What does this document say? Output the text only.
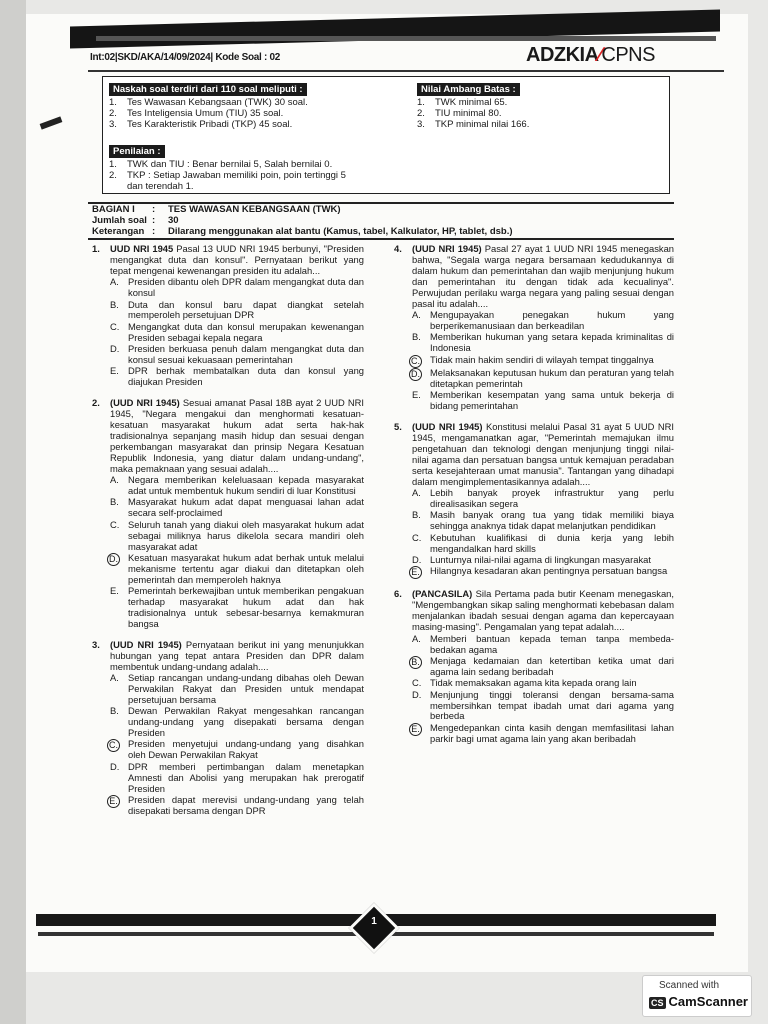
Int:02|SKD/AKA/14/09/2024| Kode Soal : 02	ADZKIA∕CPNS
Naskah soal terdiri dari 110 soal meliputi :
1.	Tes Wawasan Kebangsaan (TWK) 30 soal.
2.	Tes Inteligensia Umum (TIU) 35 soal.
3.	Tes Karakteristik Pribadi (TKP) 45 soal.
Nilai Ambang Batas :
1.	TWK minimal 65.
2.	TIU minimal 80.
3.	TKP minimal nilai 166.
Penilaian :
1.	TWK dan TIU : Benar bernilai 5, Salah bernilai 0.
2.	TKP : Setiap Jawaban memiliki poin, poin tertinggi 5 dan terendah 1.
BAGIAN I	:	TES WAWASAN KEBANGSAAN (TWK)
Jumlah soal :	30
Keterangan :	Dilarang menggunakan alat bantu (Kamus, tabel, Kalkulator, HP, tablet, dsb.)
1.	UUD NRI 1945 Pasal 13 UUD NRI 1945 berbunyi, "Presiden mengangkat duta dan konsul". Pernyataan berikut yang tepat mengenai kewenangan presiden itu adalah...
A. Presiden dibantu oleh DPR dalam mengangkat duta dan konsul
B. Duta dan konsul baru dapat diangkat setelah memperoleh persetujuan DPR
C. Mengangkat duta dan konsul merupakan kewenangan Presiden sebagai kepala negara
D. Presiden berkuasa penuh dalam mengangkat duta dan konsul sesuai kekuasaan pemerintahan
E. DPR berhak membatalkan duta dan konsul yang diajukan Presiden
2.	(UUD NRI 1945) Sesuai amanat Pasal 18B ayat 2 UUD NRI 1945, "Negara mengakui dan menghormati kesatuan-kesatuan masyarakat hukum adat serta hak-hak tradisionalnya sepanjang masih hidup dan sesuai dengan perkembangan masyarakat dan prinsip Negara Kesatuan Republik Indonesia, yang diatur dalam undang-undang", maka pemaknaan yang sesuai adalah....
A. Negara memberikan keleluasaan kepada masyarakat adat untuk membentuk hukum sendiri di luar Konstitusi
B. Masyarakat hukum adat dapat menguasai lahan adat secara self-proclaimed
C. Seluruh tanah yang diakui oleh masyarakat hukum adat sebagai miliknya harus dikelola secara mandiri oleh masyarakat adat
D.	Kesatuan masyarakat hukum adat berhak untuk melalui mekanisme tertentu agar diakui dan ditetapkan oleh pemerintah dan memperoleh haknya
E. Pemerintah berkewajiban untuk memberikan pengakuan terhadap masyarakat hukum adat dan hak tradisionalnya untuk sebesar-besarnya kemakmuran bangsa
3.	(UUD NRI 1945) Pernyataan berikut ini yang menunjukkan hubungan yang tepat antara Presiden dan DPR dalam membentuk undang-undang adalah....
A. Setiap rancangan undang-undang dibahas oleh Dewan Perwakilan Rakyat dan Presiden untuk mendapat persetujuan bersama
B. Dewan Perwakilan Rakyat mengesahkan rancangan undang-undang yang disepakati bersama dengan Presiden
C.	Presiden menyetujui undang-undang yang disahkan oleh Dewan Perwakilan Rakyat
D. DPR memberi pertimbangan dalam menetapkan Amnesti dan Abolisi yang merupakan hak prerogatif Presiden
E.	Presiden dapat merevisi undang-undang yang telah disepakati bersama dengan DPR
4.	(UUD NRI 1945) Pasal 27 ayat 1 UUD NRI 1945 menegaskan bahwa, "Segala warga negara bersamaan kedudukannya di dalam hukum dan pemerintahan dan wajib menjunjung hukum dan pemerintahan itu dengan tidak ada kecualinya". Perwujudan perilaku warga negara yang paling sesuai dengan pasal itu adalah....
A. Mengupayakan penegakan hukum yang berperikemanusiaan dan berkeadilan
B. Memberikan hukuman yang setara kepada kriminalitas di Indonesia
C.	Tidak main hakim sendiri di wilayah tempat tinggalnya
D.	Melaksanakan keputusan hukum dan peraturan yang telah ditetapkan pemerintah
E. Memberikan kesempatan yang sama untuk bekerja di bidang pemerintahan
5.	(UUD NRI 1945) Konstitusi melalui Pasal 31 ayat 5 UUD NRI 1945, mengamanatkan agar, "Pemerintah memajukan ilmu pengetahuan dan teknologi dengan menjunjung tinggi nilai-nilai agama dan persatuan bangsa untuk kemajuan peradaban serta kesejahteraan umat manusia". Tantangan yang dihadapi dalam mengimplementasikannya adalah....
A. Lebih banyak proyek infrastruktur yang perlu direalisasikan segera
B. Masih banyak orang tua yang tidak memiliki biaya sehingga anaknya tidak dapat melanjutkan pendidikan
C. Kebutuhan kualifikasi di dunia kerja yang lebih mengandalkan hard skills
D. Lunturnya nilai-nilai agama di lingkungan masyarakat
E.	Hilangnya kesadaran akan pentingnya persatuan bangsa
6.	(PANCASILA) Sila Pertama pada butir Keenam menegaskan, "Mengembangkan sikap saling menghormati kebebasan dalam menjalankan ibadah sesuai dengan agama dan kepercayaan masing-masing". Pengamalan yang tepat adalah....
A. Memberi bantuan kepada teman tanpa membeda-bedakan agama
B.	Menjaga kedamaian dan ketertiban ketika umat dari agama lain sedang beribadah
C. Tidak memaksakan agama kita kepada orang lain
D. Menjunjung tinggi toleransi dengan bersama-sama membersihkan tempat ibadah umat dari agama yang berbeda
E.	Mengedepankan cinta kasih dengan memfasilitasi lahan parkir bagi umat agama lain yang akan beribadah
1
Scanned with
CS CamScanner
